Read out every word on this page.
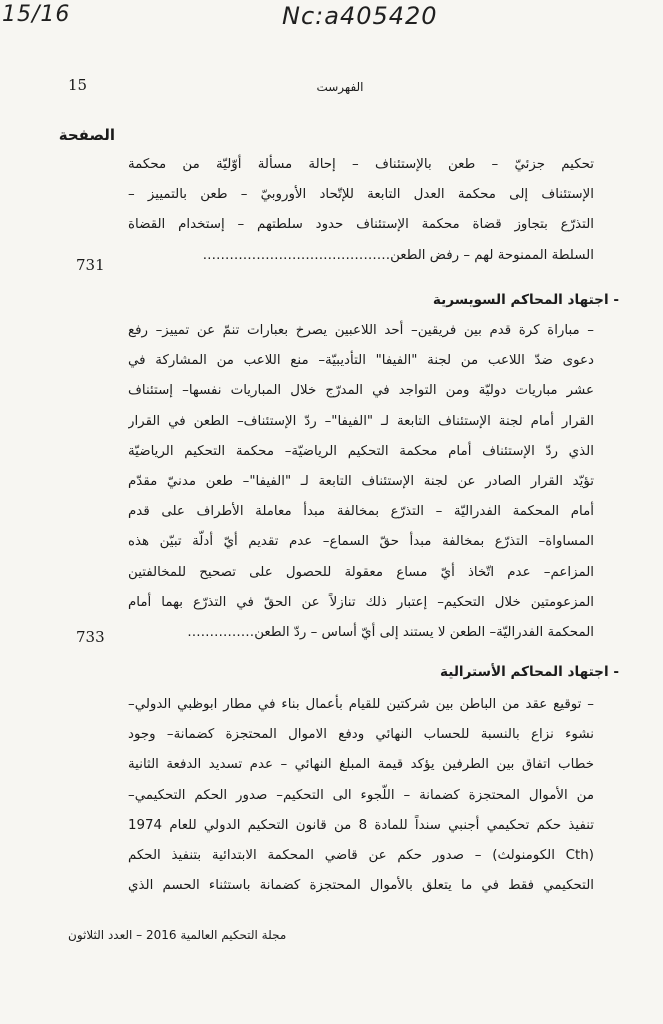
15/16	Nc:a405420
15	الفهرست
الصفحة
تحكيم جزئيّ – طعن بالإستئناف – إحالة مسألة أوّليّة من محكمة
الإستئناف إلى محكمة العدل التابعة للإتّحاد الأوروبيّ – طعن بالتمييز –
التذرّع بتجاوز قضاة محكمة الإستئناف حدود سلطتهم – إستخدام القضاة
السلطة الممنوحة لهم – رفض الطعن……………………………………
731
- اجتهاد المحاكم السويسرية
– مباراة كرة قدم بين فريقين– أحد اللاعبين يصرخ بعبارات تنمّ عن تمييز– رفع
دعوى ضدّ اللاعب من لجنة "الفيفا" التأديبيّة– منع اللاعب من المشاركة في
عشر مباريات دوليّة ومن التواجد في المدرّج خلال المباريات نفسها– إستئناف
القرار أمام لجنة الإستئناف التابعة لـ "الفيفا"– ردّ الإستئناف– الطعن في القرار
الذي ردّ الإستئناف أمام محكمة التحكيم الرياضيّة– محكمة التحكيم الرياضيّة
تؤيّد القرار الصادر عن لجنة الإستئناف التابعة لـ "الفيفا"– طعن مدنيّ مقدّم
أمام المحكمة الفدراليّة – التذرّع بمخالفة مبدأ معاملة الأطراف على قدم
المساواة– التذرّع بمخالفة مبدأ حقّ السماع– عدم تقديم أيّ أدلّة تبيّن هذه
المزاعم– عدم اتّخاذ أيّ مساع معقولة للحصول على تصحيح للمخالفتين
المزعومتين خلال التحكيم– إعتبار ذلك تنازلاً عن الحقّ في التذرّع بهما أمام
المحكمة الفدراليّة– الطعن لا يستند إلى أيّ أساس – ردّ الطعن……………
733
- اجتهاد المحاكم الأسترالية
– توقيع عقد من الباطن بين شركتين للقيام بأعمال بناء في مطار ابوظبي الدولي–
نشوء نزاع بالنسبة للحساب النهائي ودفع الاموال المحتجزة كضمانة– وجود
خطاب اتفاق بين الطرفين يؤكد قيمة المبلغ النهائي – عدم تسديد الدفعة الثانية
من الأموال المحتجزة كضمانة – اللّجوء الى التحكيم– صدور الحكم التحكيمي–
تنفيذ حكم تحكيمي أجنبي سنداً للمادة 8 من قانون التحكيم الدولي للعام 1974
(Cth الكومنولث) – صدور حكم عن قاضي المحكمة الابتدائية بتنفيذ الحكم
التحكيمي فقط في ما يتعلق بالأموال المحتجزة كضمانة باستثناء الحسم الذي
مجلة التحكيم العالمية 2016 – العدد الثلاثون
